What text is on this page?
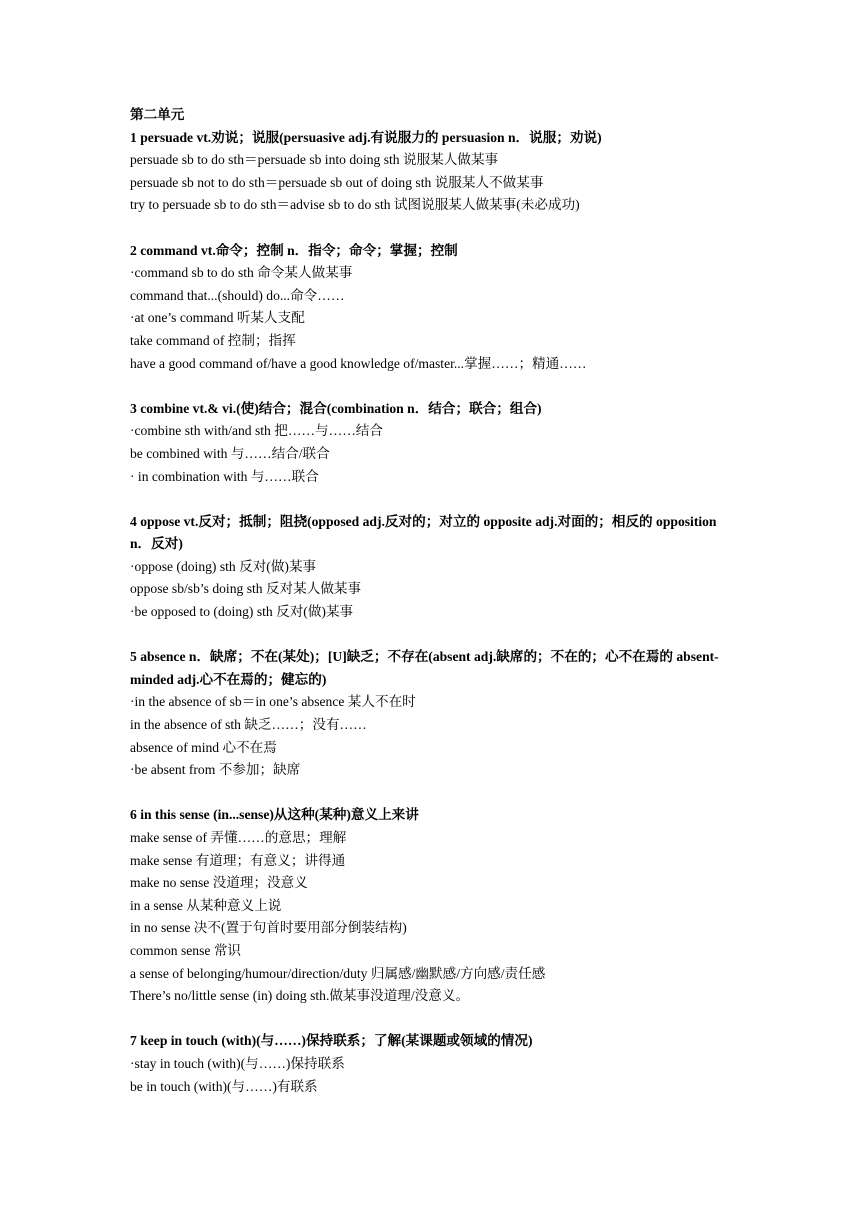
第二单元
1 persuade vt.劝说；说服(persuasive adj.有说服力的 persuasion n．说服；劝说)
persuade sb to do sth＝persuade sb into doing sth 说服某人做某事
persuade sb not to do sth＝persuade sb out of doing sth 说服某人不做某事
try to persuade sb to do sth＝advise sb to do sth 试图说服某人做某事(未必成功)
2 command vt.命令；控制 n．指令；命令；掌握；控制
·command sb to do sth 命令某人做某事
command that...(should) do...命令……
·at one’s command 听某人支配
take command of 控制；指挥
have a good command of/have a good knowledge of/master...掌握……；精通……
3 combine vt.& vi.(使)结合；混合(combination n．结合；联合；组合)
·combine sth with/and sth 把……与……结合
be combined with 与……结合/联合
· in combination with 与……联合
4 oppose vt.反对；抵制；阻挠(opposed adj.反对的；对立的 opposite adj.对面的；相反的 opposition n．反对)
·oppose (doing) sth 反对(做)某事
oppose sb/sb’s doing sth 反对某人做某事
·be opposed to (doing) sth 反对(做)某事
5 absence n．缺席；不在(某处)；[U]缺乏；不存在(absent adj.缺席的；不在的；心不在焉的 absent-minded adj.心不在焉的；健忘的)
·in the absence of sb＝in one’s absence 某人不在时
in the absence of sth 缺乏……；没有……
absence of mind 心不在焉
·be absent from 不参加；缺席
6 in this sense (in...sense)从这种(某种)意义上来讲
make sense of 弄懂……的意思；理解
make sense 有道理；有意义；讲得通
make no sense 没道理；没意义
in a sense 从某种意义上说
in no sense 决不(置于句首时要用部分倒装结构)
common sense 常识
a sense of belonging/humour/direction/duty 归属感/幽默感/方向感/责任感
There’s no/little sense (in) doing sth.做某事没道理/没意义。
7 keep in touch (with)(与……)保持联系；了解(某课题或领域的情况)
·stay in touch (with)(与……)保持联系
be in touch (with)(与……)有联系
